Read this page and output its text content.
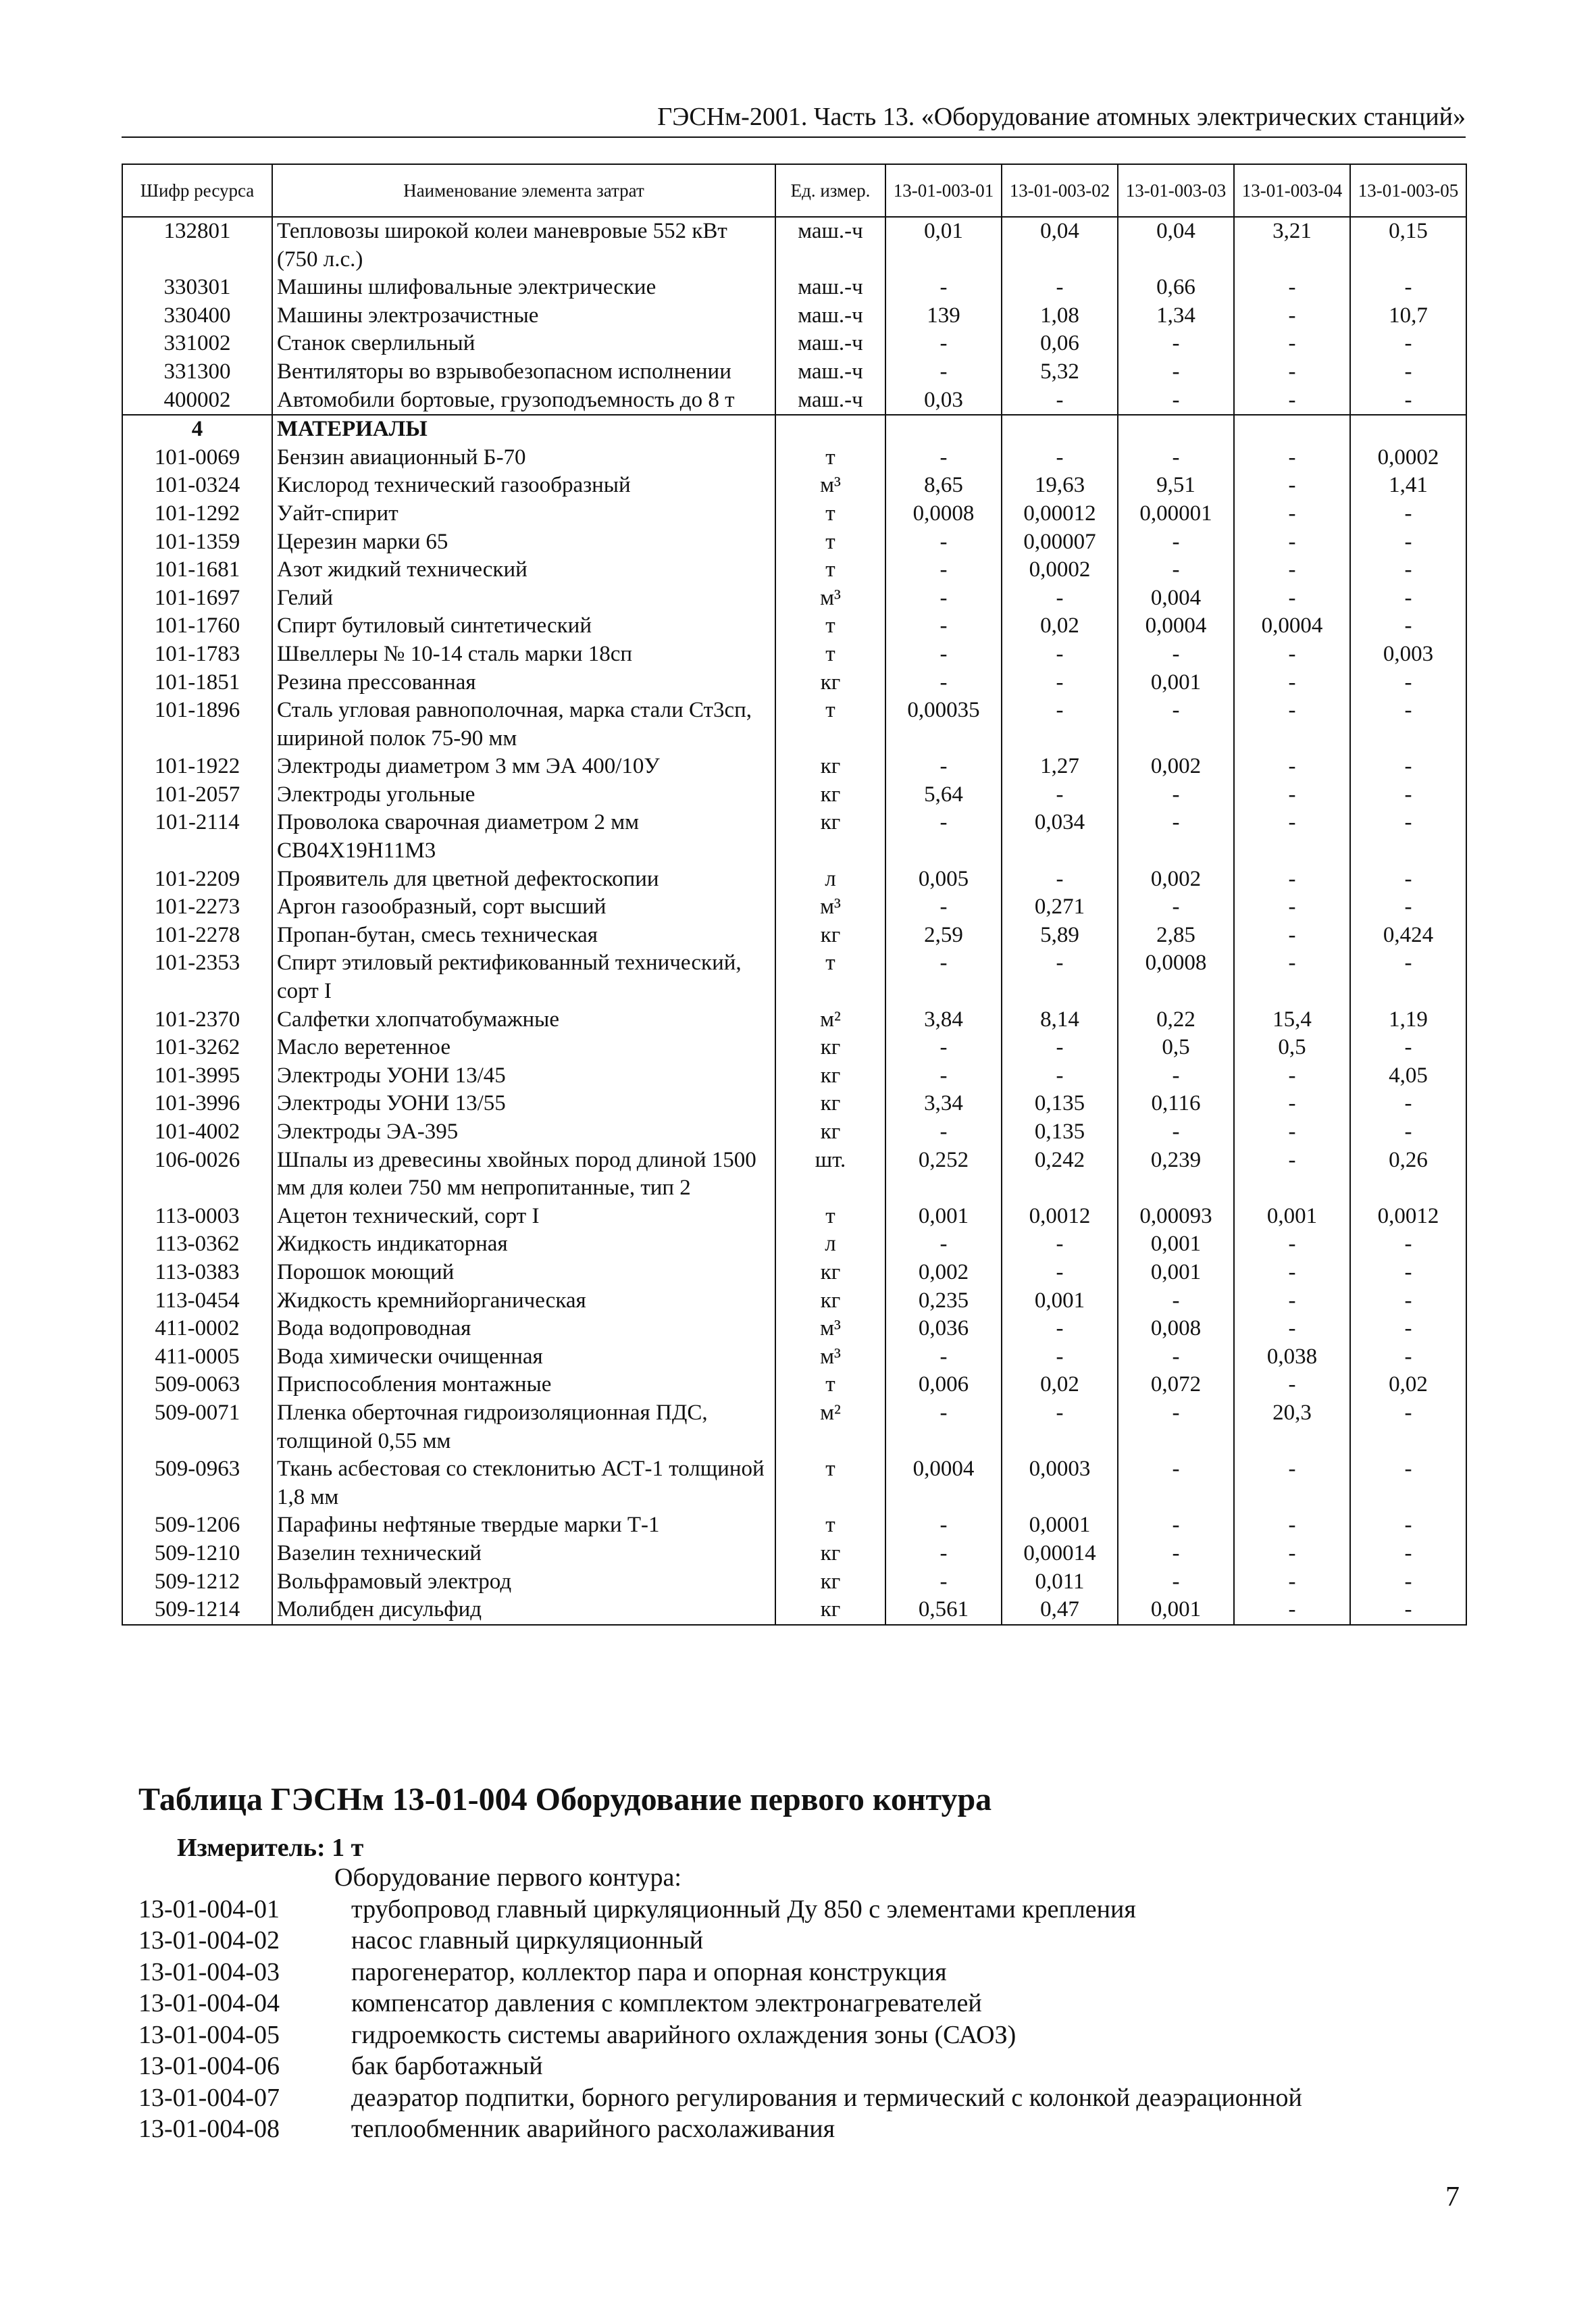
ГЭСНм-2001. Часть 13. «Оборудование атомных электрических станций»
Шифр ресурса	Наименование элемента затрат	Ед. измер.	13-01-003-01	13-01-003-02	13-01-003-03	13-01-003-04	13-01-003-05
132801	Тепловозы широкой колеи маневровые 552 кВт (750 л.с.)	маш.-ч	0,01	0,04	0,04	3,21	0,15
330301	Машины шлифовальные электрические	маш.-ч	-	-	0,66	-	-
330400	Машины электрозачистные	маш.-ч	139	1,08	1,34	-	10,7
331002	Станок сверлильный	маш.-ч	-	0,06	-	-	-
331300	Вентиляторы во взрывобезопасном исполнении	маш.-ч	-	5,32	-	-	-
400002	Автомобили бортовые, грузоподъемность до 8 т	маш.-ч	0,03	-	-	-	-
4	МАТЕРИАЛЫ						
101-0069	Бензин авиационный Б-70	т	-	-	-	-	0,0002
101-0324	Кислород технический газообразный	м³	8,65	19,63	9,51	-	1,41
101-1292	Уайт-спирит	т	0,0008	0,00012	0,00001	-	-
101-1359	Церезин марки 65	т	-	0,00007	-	-	-
101-1681	Азот жидкий технический	т	-	0,0002	-	-	-
101-1697	Гелий	м³	-	-	0,004	-	-
101-1760	Спирт бутиловый синтетический	т	-	0,02	0,0004	0,0004	-
101-1783	Швеллеры № 10-14 сталь марки 18сп	т	-	-	-	-	0,003
101-1851	Резина прессованная	кг	-	-	0,001	-	-
101-1896	Сталь угловая равнополочная, марка стали Ст3сп, шириной полок 75-90 мм	т	0,00035	-	-	-	-
101-1922	Электроды диаметром 3 мм ЭА 400/10У	кг	-	1,27	0,002	-	-
101-2057	Электроды угольные	кг	5,64	-	-	-	-
101-2114	Проволока сварочная диаметром 2 мм СВ04Х19Н11М3	кг	-	0,034	-	-	-
101-2209	Проявитель для цветной дефектоскопии	л	0,005	-	0,002	-	-
101-2273	Аргон газообразный, сорт высший	м³	-	0,271	-	-	-
101-2278	Пропан-бутан, смесь техническая	кг	2,59	5,89	2,85	-	0,424
101-2353	Спирт этиловый ректификованный технический, сорт I	т	-	-	0,0008	-	-
101-2370	Салфетки хлопчатобумажные	м²	3,84	8,14	0,22	15,4	1,19
101-3262	Масло веретенное	кг	-	-	0,5	0,5	-
101-3995	Электроды УОНИ 13/45	кг	-	-	-	-	4,05
101-3996	Электроды УОНИ 13/55	кг	3,34	0,135	0,116	-	-
101-4002	Электроды ЭА-395	кг	-	0,135	-	-	-
106-0026	Шпалы из древесины хвойных пород длиной 1500 мм для колеи 750 мм непропитанные, тип 2	шт.	0,252	0,242	0,239	-	0,26
113-0003	Ацетон технический, сорт I	т	0,001	0,0012	0,00093	0,001	0,0012
113-0362	Жидкость индикаторная	л	-	-	0,001	-	-
113-0383	Порошок моющий	кг	0,002	-	0,001	-	-
113-0454	Жидкость кремнийорганическая	кг	0,235	0,001	-	-	-
411-0002	Вода водопроводная	м³	0,036	-	0,008	-	-
411-0005	Вода химически очищенная	м³	-	-	-	0,038	-
509-0063	Приспособления монтажные	т	0,006	0,02	0,072	-	0,02
509-0071	Пленка оберточная гидроизоляционная ПДС, толщиной 0,55 мм	м²	-	-	-	20,3	-
509-0963	Ткань асбестовая со стеклонитью АСТ-1 толщиной 1,8 мм	т	0,0004	0,0003	-	-	-
509-1206	Парафины нефтяные твердые марки Т-1	т	-	0,0001	-	-	-
509-1210	Вазелин технический	кг	-	0,00014	-	-	-
509-1212	Вольфрамовый электрод	кг	-	0,011	-	-	-
509-1214	Молибден дисульфид	кг	0,561	0,47	0,001	-	-
Таблица ГЭСНм 13-01-004 Оборудование первого контура
Измеритель: 1 т
Оборудование первого контура:
13-01-004-01	трубопровод главный циркуляционный Ду 850 с элементами крепления
13-01-004-02	насос главный циркуляционный
13-01-004-03	парогенератор, коллектор пара и опорная конструкция
13-01-004-04	компенсатор давления с комплектом электронагревателей
13-01-004-05	гидроемкость системы аварийного охлаждения зоны (САОЗ)
13-01-004-06	бак барботажный
13-01-004-07	деаэратор подпитки, борного регулирования и термический с колонкой деаэрационной
13-01-004-08	теплообменник аварийного расхолаживания
7
